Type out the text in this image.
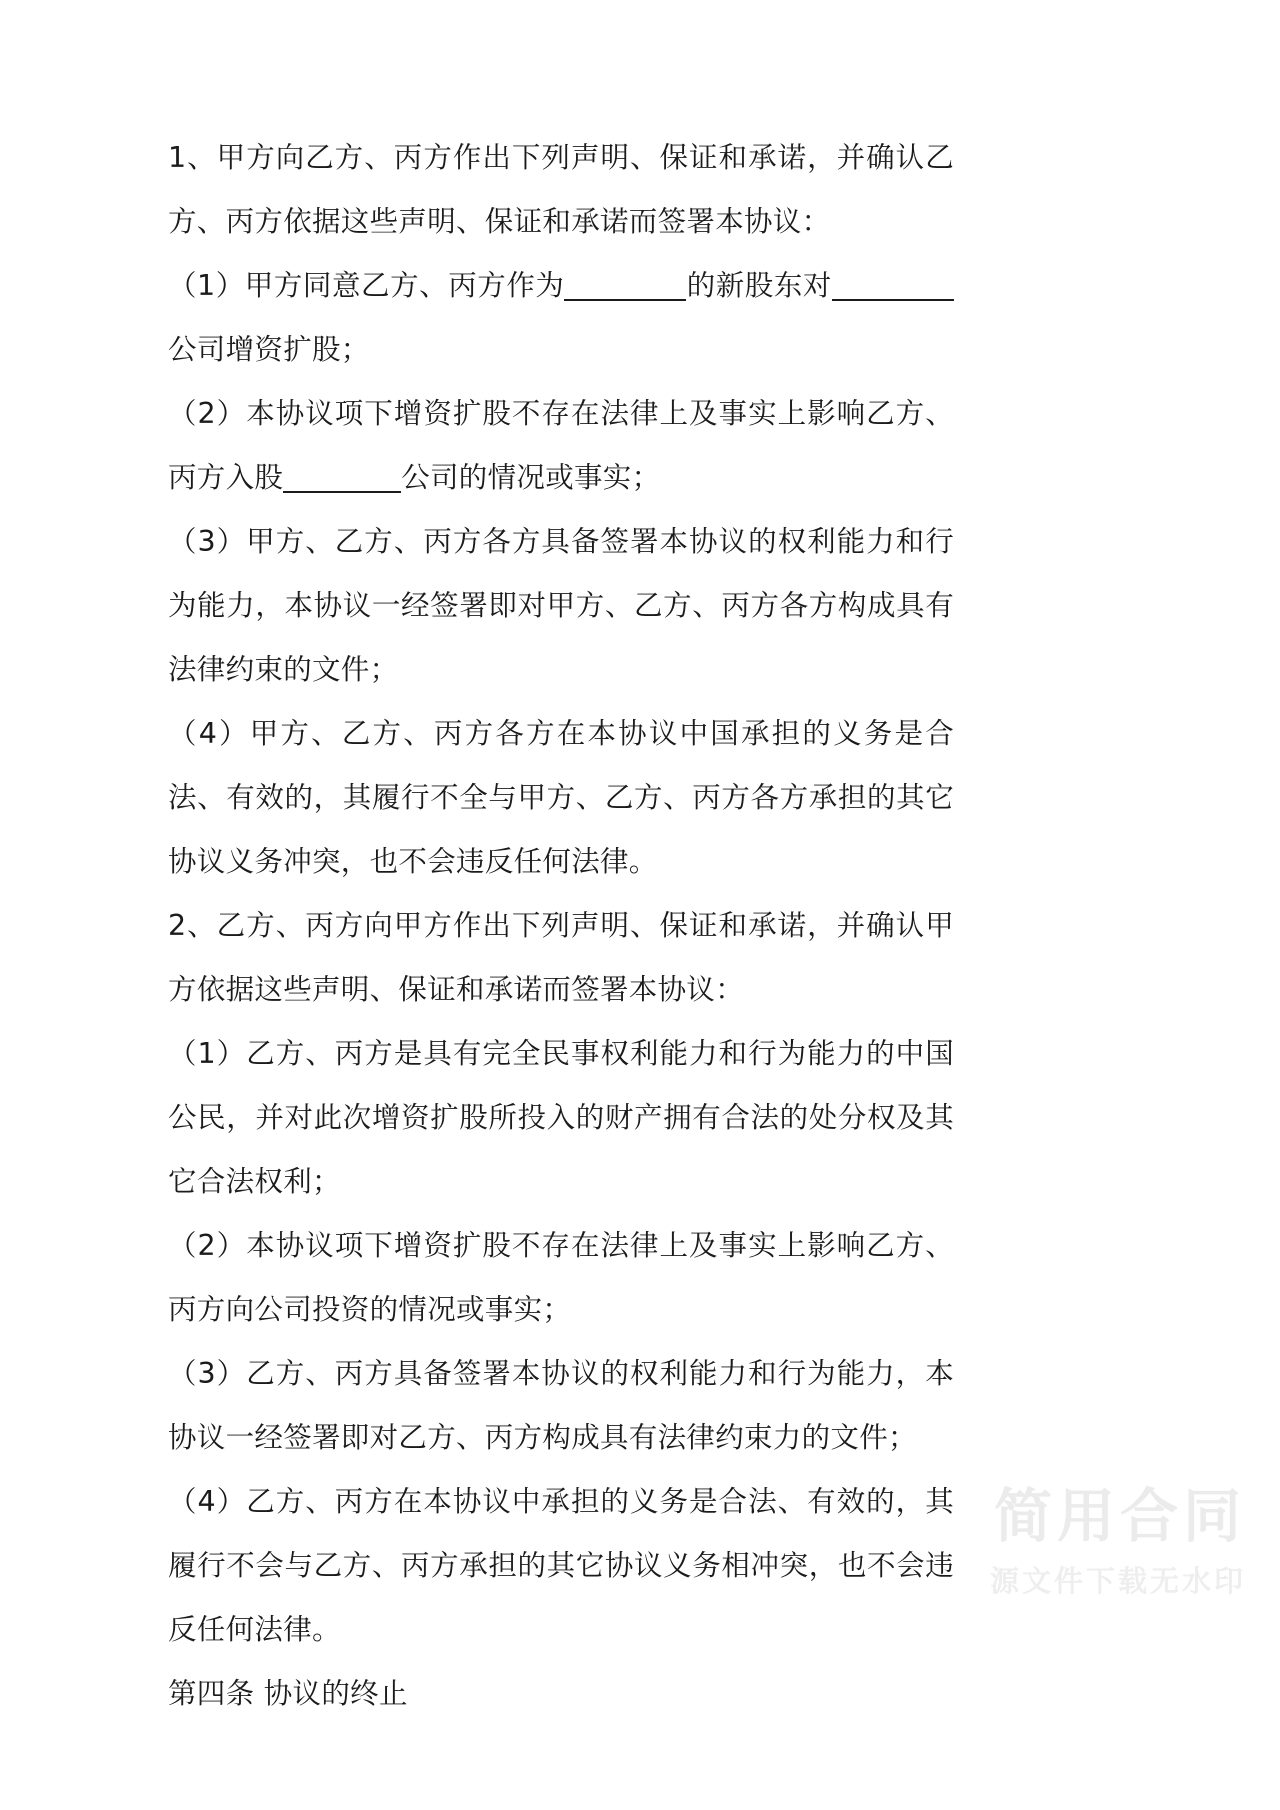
1、甲方向乙方、丙方作出下列声明、保证和承诺，并确认乙方、丙方依据这些声明、保证和承诺而签署本协议：

（1）甲方同意乙方、丙方作为	的新股东对公司增资扩股；

（2）本协议项下增资扩股不存在法律上及事实上影响乙方、丙方入股	公司的情况或事实；

（3）甲方、乙方、丙方各方具备签署本协议的权利能力和行为能力，本协议一经签署即对甲方、乙方、丙方各方构成具有法律约束的文件；

（4）甲方、乙方、丙方各方在本协议中国承担的义务是合法、有效的，其履行不全与甲方、乙方、丙方各方承担的其它协议义务冲突，也不会违反任何法律。

2、乙方、丙方向甲方作出下列声明、保证和承诺，并确认甲方依据这些声明、保证和承诺而签署本协议：

（1）乙方、丙方是具有完全民事权利能力和行为能力的中国公民，并对此次增资扩股所投入的财产拥有合法的处分权及其它合法权利；

（2）本协议项下增资扩股不存在法律上及事实上影响乙方、丙方向公司投资的情况或事实；

（3）乙方、丙方具备签署本协议的权利能力和行为能力，本协议一经签署即对乙方、丙方构成具有法律约束力的文件；

（4）乙方、丙方在本协议中承担的义务是合法、有效的，其履行不会与乙方、丙方承担的其它协议义务相冲突，也不会违反任何法律。

第四条 协议的终止

简用合同
源文件下载无水印
